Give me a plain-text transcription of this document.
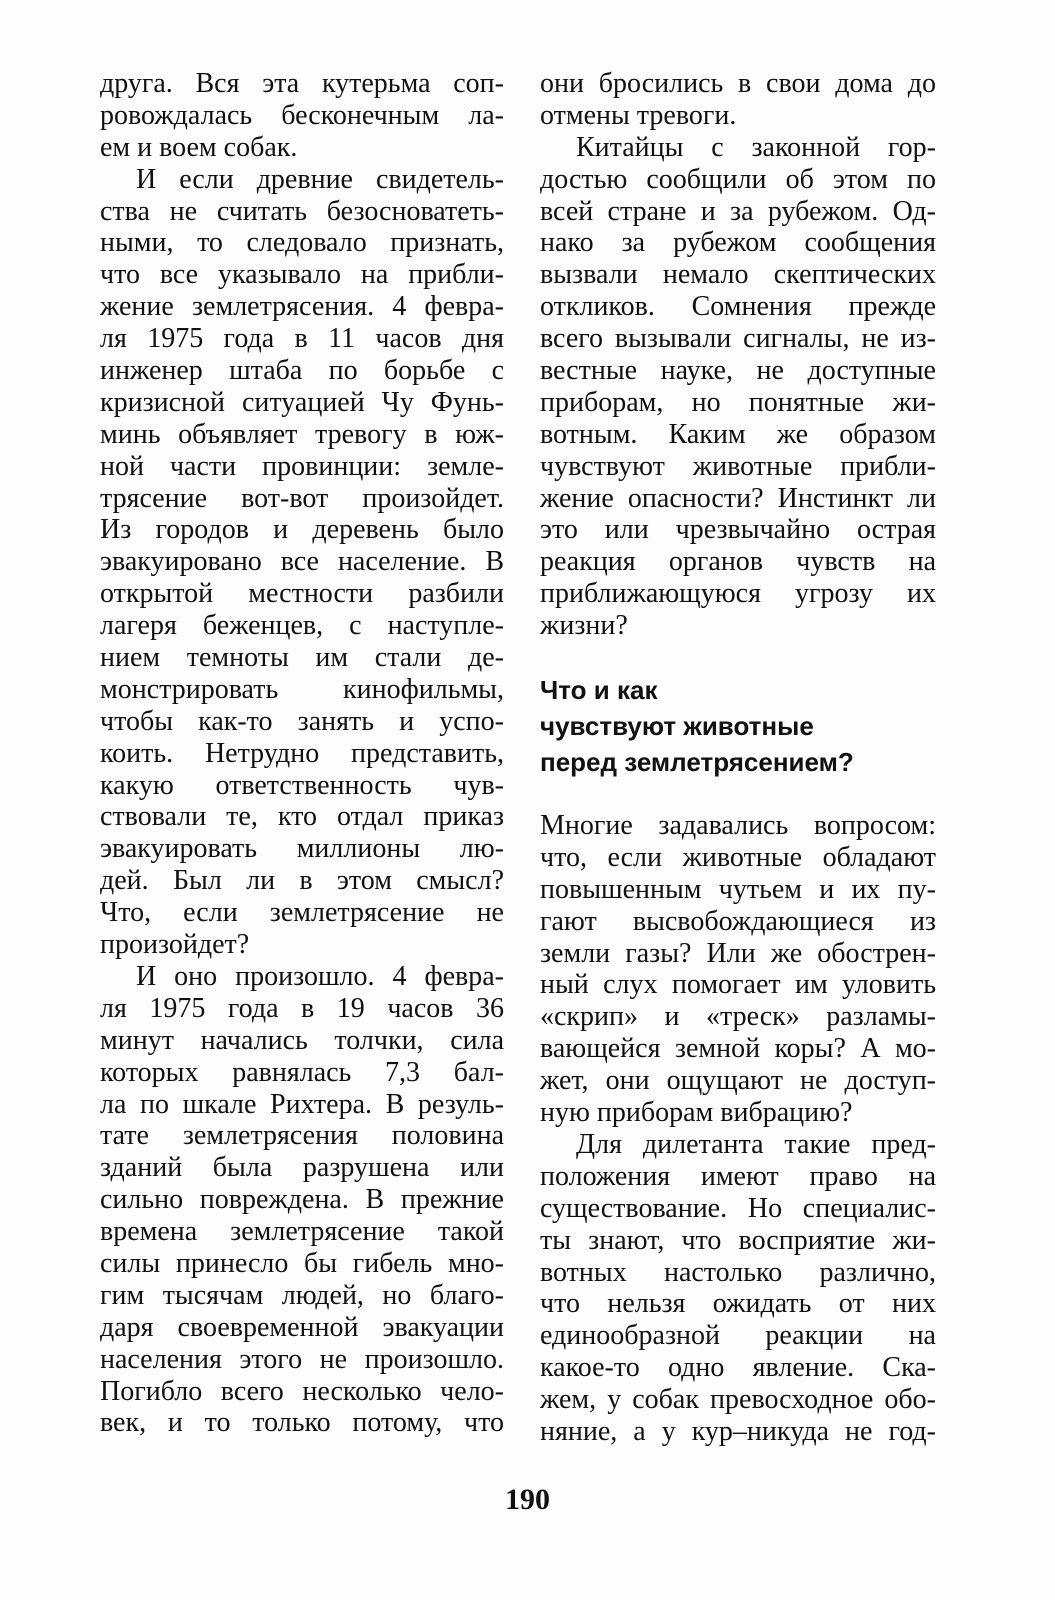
друга. Вся эта кутерьма соп-
ровождалась бесконечным ла-
ем и воем собак.
И если древние свидетель-
ства не считать безосноватеть-
ными, то следовало признать,
что все указывало на прибли-
жение землетрясения. 4 февра-
ля 1975 года в 11 часов дня
инженер штаба по борьбе с
кризисной ситуацией Чу Фунь-
минь объявляет тревогу в юж-
ной части провинции: земле-
трясение вот-вот произойдет.
Из городов и деревень было
эвакуировано все население. В
открытой местности разбили
лагеря беженцев, с наступле-
нием темноты им стали де-
монстрировать кинофильмы,
чтобы как-то занять и успо-
коить. Нетрудно представить,
какую ответственность чув-
ствовали те, кто отдал приказ
эвакуировать миллионы лю-
дей. Был ли в этом смысл?
Что, если землетрясение не
произойдет?
И оно произошло. 4 февра-
ля 1975 года в 19 часов 36
минут начались толчки, сила
которых равнялась 7,3 бал-
ла по шкале Рихтера. В резуль-
тате землетрясения половина
зданий была разрушена или
сильно повреждена. В прежние
времена землетрясение такой
силы принесло бы гибель мно-
гим тысячам людей, но благо-
даря своевременной эвакуации
населения этого не произошло.
Погибло всего несколько чело-
век, и то только потому, что
они бросились в свои дома до
отмены тревоги.
Китайцы с законной гор-
достью сообщили об этом по
всей стране и за рубежом. Од-
нако за рубежом сообщения
вызвали немало скептических
откликов. Сомнения прежде
всего вызывали сигналы, не из-
вестные науке, не доступные
приборам, но понятные жи-
вотным. Каким же образом
чувствуют животные прибли-
жение опасности? Инстинкт ли
это или чрезвычайно острая
реакция органов чувств на
приближающуюся угрозу их
жизни?
Что и как
чувствуют животные
перед землетрясением?
Многие задавались вопросом:
что, если животные обладают
повышенным чутьем и их пу-
гают высвобождающиеся из
земли газы? Или же обострен-
ный слух помогает им уловить
«скрип» и «треск» разламы-
вающейся земной коры? А мо-
жет, они ощущают не доступ-
ную приборам вибрацию?
Для дилетанта такие пред-
положения имеют право на
существование. Но специалис-
ты знают, что восприятие жи-
вотных настолько различно,
что нельзя ожидать от них
единообразной реакции на
какое-то одно явление. Ска-
жем, у собак превосходное обо-
няние, а у кур–никуда не год-
190
